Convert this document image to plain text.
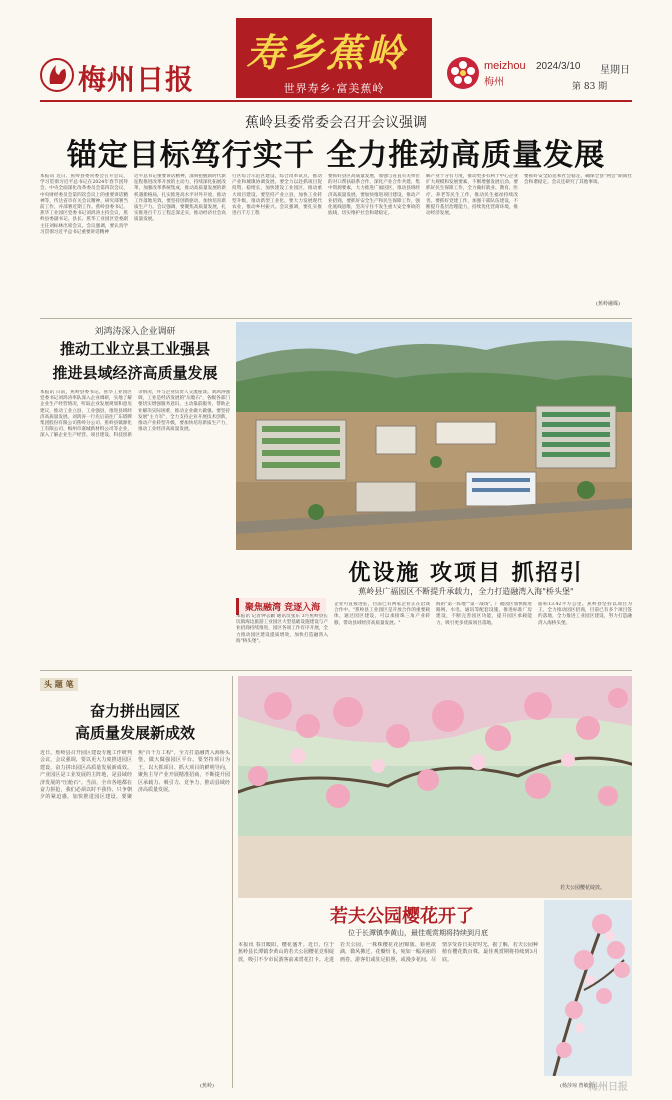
梅州日报
寿乡蕉岭
世界寿乡·富美蕉岭
meizhou
梅州
2024/3/10 星期日
第 83 期
蕉岭县委常委会召开会议强调
锚定目标笃行实干 全力推动高质量发展
本报讯 近日，蕉岭县委常委会召开会议，学习贯彻习近平总书记在2024年春节团拜会、中央全面深化改革委员会第四次会议、中央财经委员会第四次会议上的重要讲话精神等，传达省市有关会议精神，研究部署当前工作，并部署近期工作。蕉岭县委书记、蕉华工业园区党委书记刘鸿涛主持会议，蕉岭县委副书记、县长、蕉华工业园区党委副主任刘标林出席会议。会议强调，要认真学习贯彻习近平总书记重要讲话精神
近平总书记重要讲话精神，深刻把握新时代新征程推进改革开放的主动力，持续深化拓展改革，加强改革系统集成，推动高质量发展的新机遇新格局，扎实推进高水平对外开放，推动工作落地见效。要坚持创新驱动，加快培育新质生产力。会议强调，要聚焦高质量发展，扎实推进百千万工程走深走实，推动经济社会高质量发展。
行区综合示范区建设、综合改革试点，推动产业和城镇协调发展。要全力以赴抓项目促投资、稳增长，加快建设工业园区，推动重大项目建设。要坚持产业立县，加快工业转型升级，推动新型工业化，要大力发展现代农业，推动乡村振兴。会议强调，要扎实推进百千万工程
要抓好县区高质量发展，加强与省直有关单位的对口帮扶联系合作，深化产业合作共建、集中资源要素，大力推进广福园区，推动县域经济高质量发展。要加快推进项目建设，推动产业招商，要抓好安全生产和民生保障工作，强化底线思维，坚决守住不发生重大安全事故的底线，切实维护社会和谐稳定。
解产业十分有力度，推动更多有利于中心企业扩大规模和发展要素，不断增强发展后劲。要抓好民生保障工作，全力做好就业、教育、医疗、养老等民生工作，推动民生福祉持续改善。要抓好党建工作，加强干部队伍建设，不断提升基层治理能力，持续优化营商环境，推动经济发展。
要抓好安全防范和社会稳定，确保全县"两会"期间社会和谐稳定。会议还研究了其他事项。
(蕉岭融媒)
刘鸿涛深入企业调研
推动工业立县工业强县
推进县域经济高质量发展
本报讯 日前，蕉岭县委书记、蕉华工业园区党委书记刘鸿涛率队深入企业调研，实地了解企业生产经营情况，听取企业发展规划和意见建议，推动工业立县、工业强县，推进县域经济高质量发展。刘鸿涛一行先后前往广东塔牌集团股份有限公司蕉岭分公司、蕉岭县镇源化工有限公司、梅州市嘉城新材料公司等企业，深入了解企业生产经营、项目建设、科技创新等情况，并与企业负责人交流座谈。刘鸿涛强调，工业是经济发展的"压舱石"，各级各部门要切实增强服务意识，主动靠前服务，帮助企业解决实际困难，推动企业做大做强。要坚持发展"主力军"，全力支持企业开展技术创新，推动产业转型升级，要加快培育新质生产力，推动工业经济高质量发展。
优设施 攻项目 抓招引
蕉岭县广福园区不断提升承载力，全力打造融湾入海"桥头堡"
聚焦融湾 竞逐入海
本报讯 记者钟志颖 通讯员张东 3月蕉岭县长坑镇海边旅游工业园区大型基础设施建设与产业招商持续推进，园区各项工作有序开展，全力推动园区建设提质增效，加快打造融湾入海"桥头堡"。
企业可直接进驻，目前已有两家企业正在洽谈合作中。"蕉岭县工业园区是开放合作的重要载体，通过园区建设，可以承接珠三角产业转移，带动县域经济高质量发展。"
海的"第一阵地""第一战场"。广福园区加快推进路网、水电、通讯等配套设施，推进标准厂房建设，不断完善园区功能，提升园区承载能力，吸引更多优质项目落地。
面积13.42平方公里。蕉岭县坚持以项目为王，全力推动园区招商，目前已有多个项目签约落地，全力推进工业园区建设，努力打造融湾入海桥头堡。
头 题 笔
奋力拼出园区
高质量发展新成效
近日，蕉岭县召开园区建设专题工作研判会议，会议强调，要以更大力度推进园区建设，奋力拼出园区高质量发展新成效。产业园区是工业发展的主阵地，是县域经济发展的"压舱石"。当前，全市各地都在奋力拼抢，我们必须以时不我待、只争朝夕的紧迫感，加快推进园区建设，要聚焦"百千万工程"，全力打造融湾入海桥头堡，做大做强园区平台。要坚持项目为王，以大抓项目、抓大项目的鲜明导向，聚焦主导产业开展精准招商，不断提升园区承载力、吸引力、竞争力，推动县域经济高质量发展。
(蕉岭)
若夫公园樱花绽放。
若夫公园樱花开了
位于长潭镇李黄山，最佳观赏期将持续到月底
本报讯 春日暖阳，樱花盛开。近日，位于蕉岭县长潭镇李黄山的若夫公园樱花竞相绽放，吸引不少市民游客前来赏花打卡。走进若夫公园，一株株樱花花团锦簇、娇艳欲滴，微风拂过，花瓣纷飞，宛如一幅美丽的画卷。游客们或驻足拍照，或漫步花间，尽情享受春日美好时光。据了解，若夫公园种植有樱花数百株，最佳观赏期将持续到3月底。
(杨莎琼 曾敏怡)
梅州日报
